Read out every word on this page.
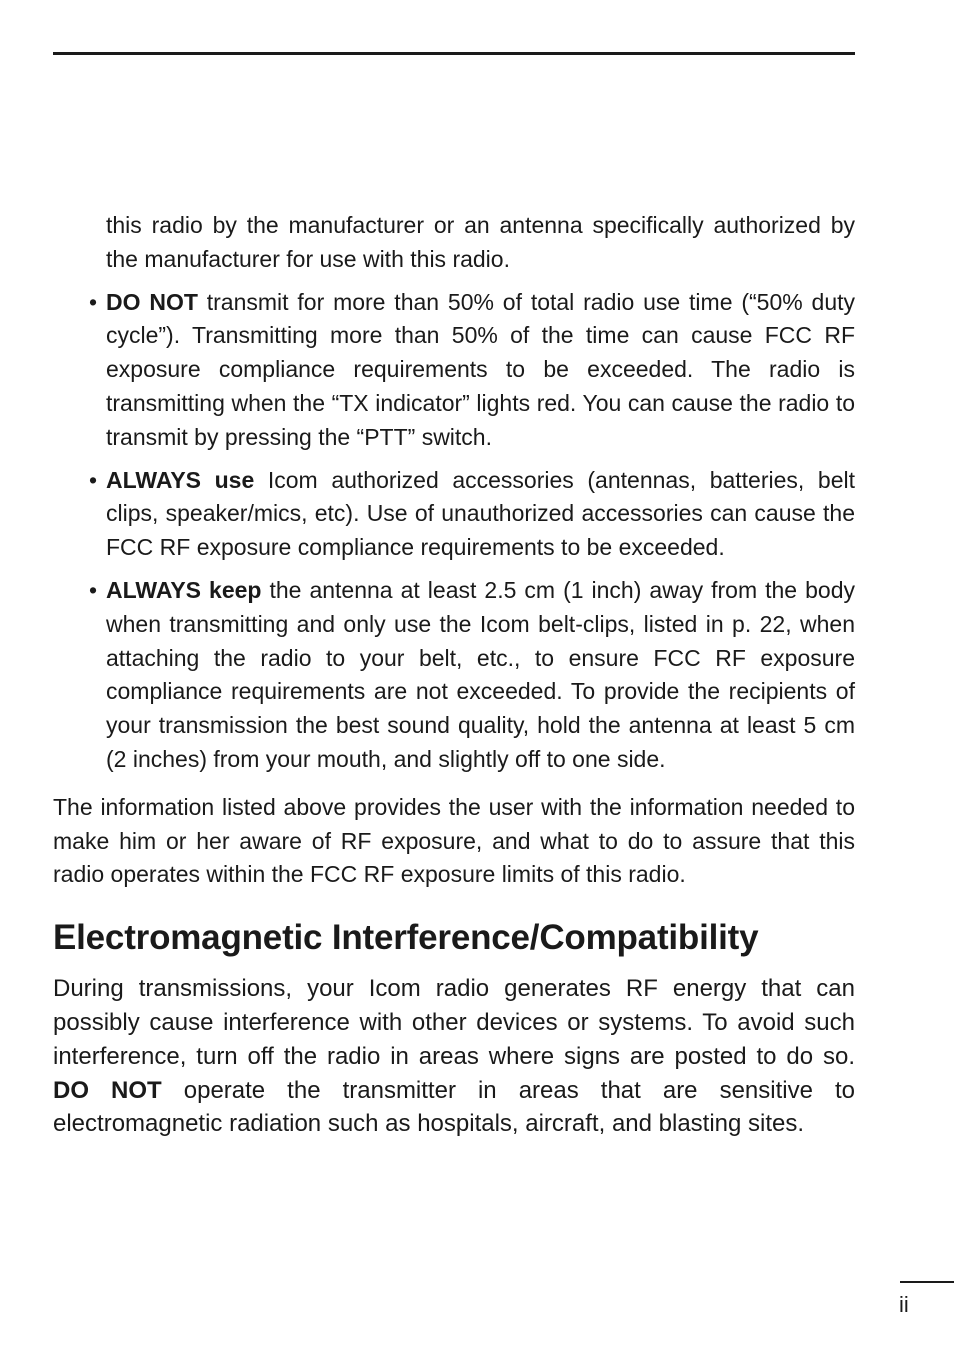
this radio by the manufacturer or an antenna specifically authorized by the manufacturer for use with this radio.

• DO NOT transmit for more than 50% of total radio use time (“50% duty cycle”). Transmitting more than 50% of the time can cause FCC RF exposure compliance requirements to be exceeded. The radio is transmitting when the “TX indicator” lights red. You can cause the radio to transmit by pressing the “PTT” switch.

• ALWAYS use Icom authorized accessories (antennas, batteries, belt clips, speaker/mics, etc). Use of unauthorized accessories can cause the FCC RF exposure compliance requirements to be exceeded.

• ALWAYS keep the antenna at least 2.5 cm (1 inch) away from the body when transmitting and only use the Icom belt-clips, listed in p. 22, when attaching the radio to your belt, etc., to ensure FCC RF exposure compliance requirements are not exceeded. To provide the recipients of your transmission the best sound quality, hold the antenna at least 5 cm (2 inches) from your mouth, and slightly off to one side.

The information listed above provides the user with the information needed to make him or her aware of RF exposure, and what to do to assure that this radio operates within the FCC RF exposure limits of this radio.

Electromagnetic Interference/Compatibility

During transmissions, your Icom radio generates RF energy that can possibly cause interference with other devices or systems. To avoid such interference, turn off the radio in areas where signs are posted to do so. DO NOT operate the transmitter in areas that are sensitive to electromagnetic radiation such as hospitals, aircraft, and blasting sites.

ii
